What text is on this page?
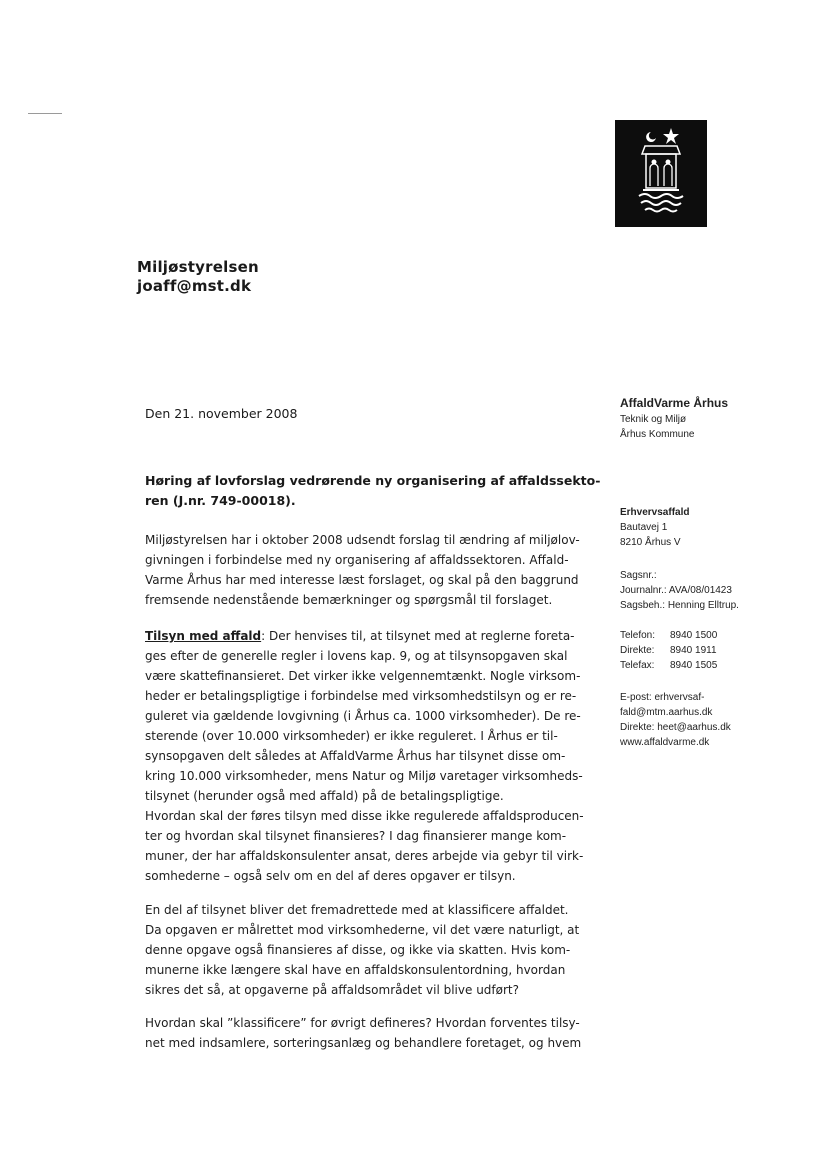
Miljøstyrelsen
joaff@mst.dk
Den 21. november 2008
AffaldVarme Århus
Teknik og Miljø
Århus Kommune
Erhvervsaffald
Bautavej 1
8210 Århus V
Sagsnr.:
Journalnr.: AVA/08/01423
Sagsbeh.: Henning Elltrup.
Telefon:	8940 1500
Direkte:	8940 1911
Telefax:	8940 1505
E-post: erhvervsaf-
fald@mtm.aarhus.dk
Direkte: heet@aarhus.dk
www.affaldvarme.dk
Høring af lovforslag vedrørende ny organisering af affaldssekto-
ren (J.nr. 749-00018).
Miljøstyrelsen har i oktober 2008 udsendt forslag til ændring af miljølov-
givningen i forbindelse med ny organisering af affaldssektoren. Affald-
Varme Århus har med interesse læst forslaget, og skal på den baggrund
fremsende nedenstående bemærkninger og spørgsmål til forslaget.
Tilsyn med affald: Der henvises til, at tilsynet med at reglerne foreta-
ges efter de generelle regler i lovens kap. 9, og at tilsynsopgaven skal
være skattefinansieret. Det virker ikke velgennemtænkt. Nogle virksom-
heder er betalingspligtige i forbindelse med virksomhedstilsyn og er re-
guleret via gældende lovgivning (i Århus ca. 1000 virksomheder). De re-
sterende (over 10.000 virksomheder) er ikke reguleret. I Århus er til-
synsopgaven delt således at AffaldVarme Århus har tilsynet disse om-
kring 10.000 virksomheder, mens Natur og Miljø varetager virksomheds-
tilsynet (herunder også med affald) på de betalingspligtige.
Hvordan skal der føres tilsyn med disse ikke regulerede affaldsproducen-
ter og hvordan skal tilsynet finansieres? I dag finansierer mange kom-
muner, der har affaldskonsulenter ansat, deres arbejde via gebyr til virk-
somhederne – også selv om en del af deres opgaver er tilsyn.
En del af tilsynet bliver det fremadrettede med at klassificere affaldet.
Da opgaven er målrettet mod virksomhederne, vil det være naturligt, at
denne opgave også finansieres af disse, og ikke via skatten. Hvis kom-
munerne ikke længere skal have en affaldskonsulentordning, hvordan
sikres det så, at opgaverne på affaldsområdet vil blive udført?
Hvordan skal ”klassificere” for øvrigt defineres? Hvordan forventes tilsy-
net med indsamlere, sorteringsanlæg og behandlere foretaget, og hvem
